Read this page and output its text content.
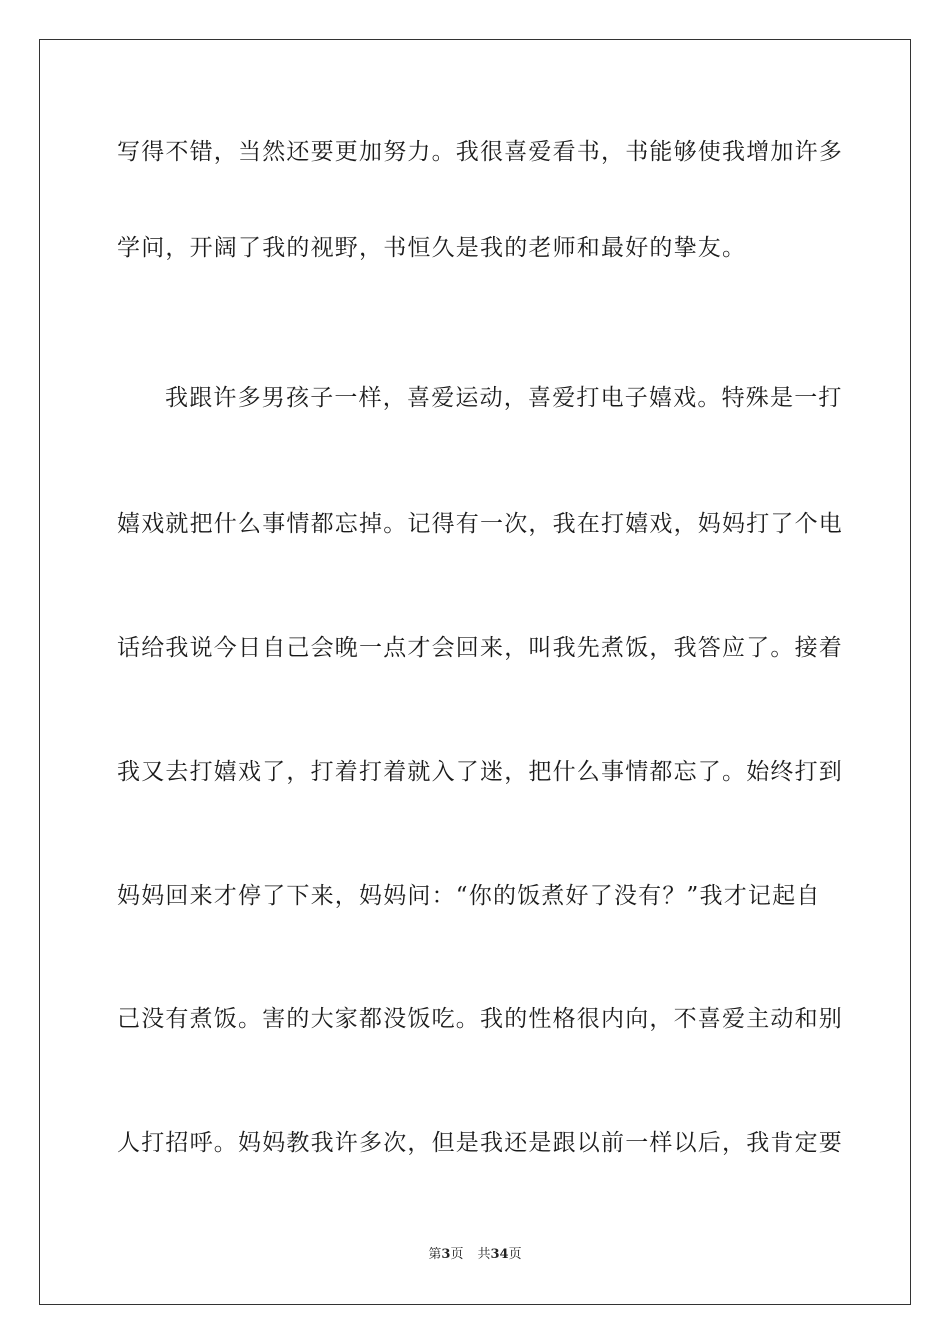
写得不错，当然还要更加努力。我很喜爱看书，书能够使我增加许多
学问，开阔了我的视野，书恒久是我的老师和最好的挚友。
我跟许多男孩子一样，喜爱运动，喜爱打电子嬉戏。特殊是一打
嬉戏就把什么事情都忘掉。记得有一次，我在打嬉戏，妈妈打了个电
话给我说今日自己会晚一点才会回来，叫我先煮饭，我答应了。接着
我又去打嬉戏了，打着打着就入了迷，把什么事情都忘了。始终打到
妈妈回来才停了下来，妈妈问：“你的饭煮好了没有？”我才记起自
己没有煮饭。害的大家都没饭吃。我的性格很内向，不喜爱主动和别
人打招呼。妈妈教我许多次，但是我还是跟以前一样以后，我肯定要
第3页 共34页
